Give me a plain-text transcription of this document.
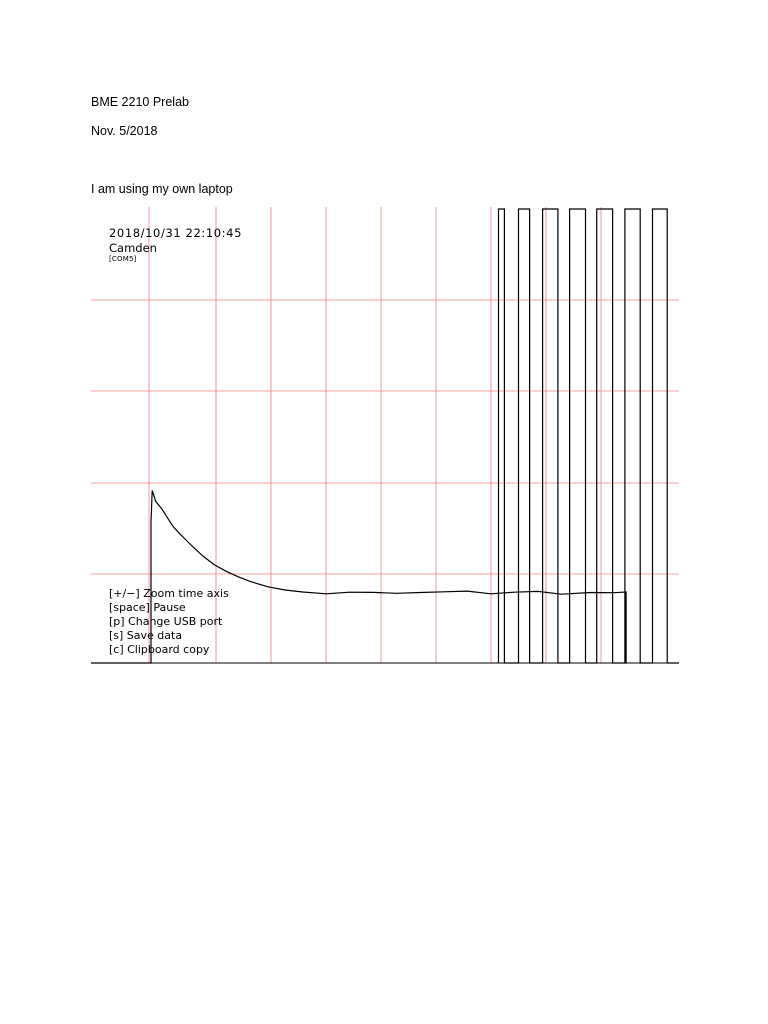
BME 2210 Prelab
Nov. 5/2018
I am using my own laptop
2018/10/31 22:10:45
Camden
[COM5]
[+/−] Zoom time axis
[space] Pause
[p] Change USB port
[s] Save data
[c] Clipboard copy
